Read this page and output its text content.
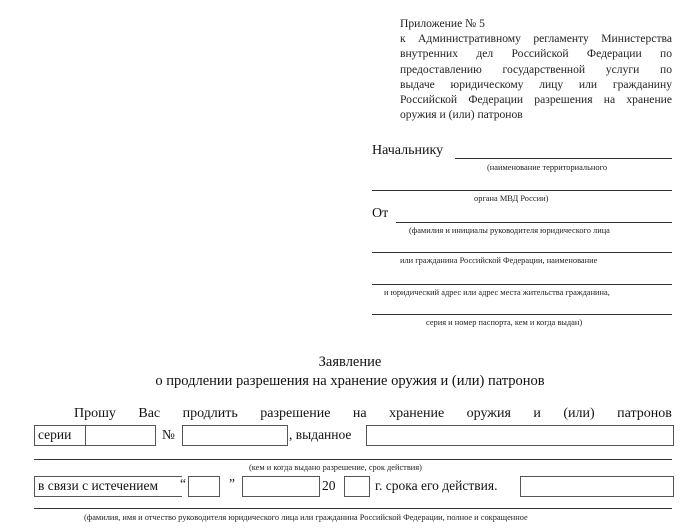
Приложение № 5
к Административному регламенту Министерства
внутренних дел Российской Федерации по
предоставлению государственной услуги по
выдаче юридическому лицу или гражданину
Российской Федерации разрешения на хранение
оружия и (или) патронов
Начальнику
(наименование территориального
органа МВД России)
От
(фамилия и инициалы руководителя юридического лица
или гражданина Российской Федерации, наименование
и юридический адрес или адрес места жительства гражданина,
серия и номер паспорта, кем и когда выдан)
Заявление
о продлении разрешения на хранение оружия и (или) патронов
Прошу Вас продлить разрешение на хранение оружия и (или) патронов
серии	№	, выданное
(кем и когда выдано разрешение, срок действия)
в связи с истечением “	”	20	г. срока его действия.
(фамилия, имя и отчество руководителя юридического лица или гражданина Российской Федерации, полное и сокращенное
